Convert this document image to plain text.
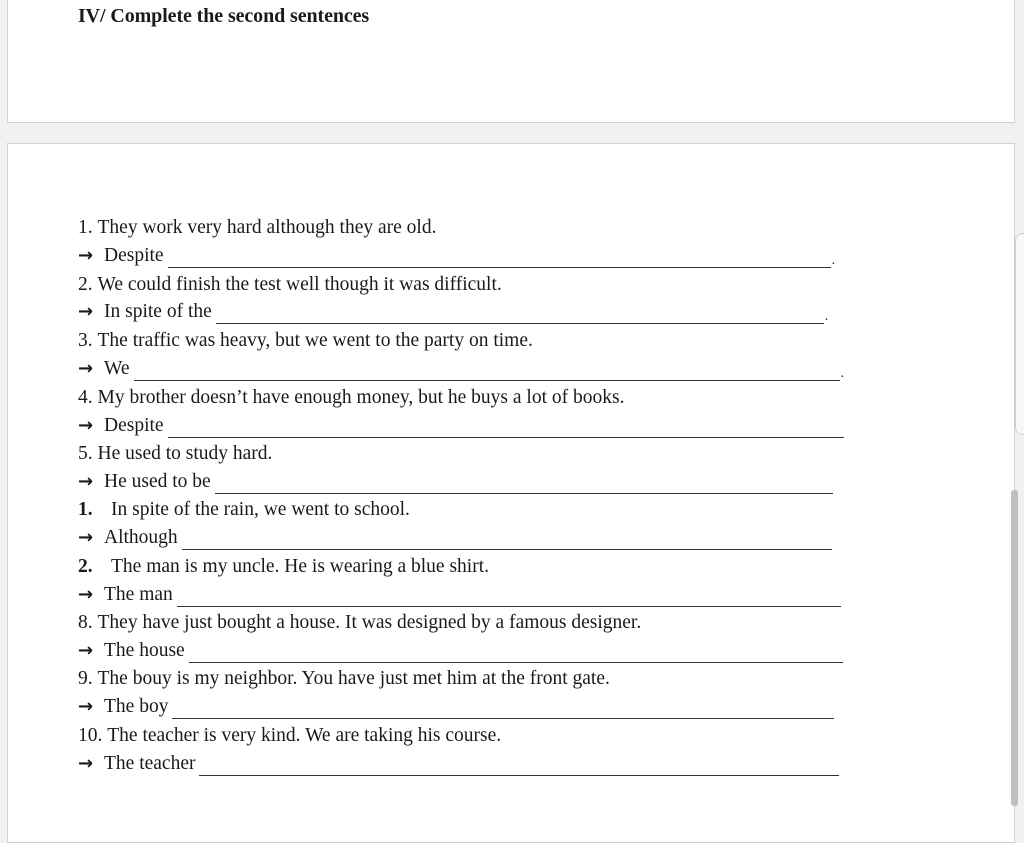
IV/ Complete the second sentences
1.
They work very hard although they are old.
→ Despite	.
2.
We could finish the test well though it was difficult.
→ In spite of the	.
3.
The traffic was heavy, but we went to the party on time.
→ We	.
4.
My brother doesn’t have enough money, but he buys a lot of books.
→ Despite
5.
He used to study hard.
→ He used to be
1. In spite of the rain, we went to school.
→ Although
2. The man is my uncle. He is wearing a blue shirt.
→ The man
8.
They have just bought a house. It was designed by a famous designer.
→ The house
9.
The bouy is my neighbor. You have just met him at the front gate.
→ The boy
10.
The teacher is very kind. We are taking his course.
→ The teacher
